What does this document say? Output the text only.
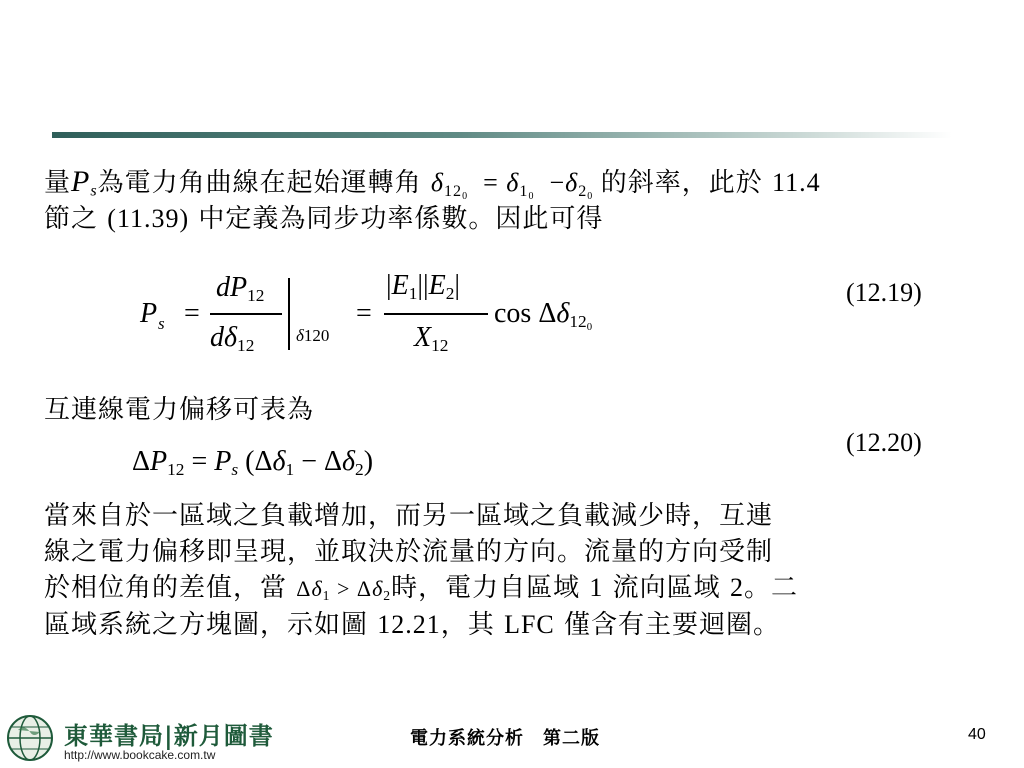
量$P_s$為電力角曲線在起始運轉角 $\delta_{12_0} = \delta_{1_0} -\delta_{2_0}$ 的斜率，此於 11.4
節之 (11.39) 中定義為同步功率係數。因此可得
P s =
$dP_{12}$
$d\delta_{12}$
δ120
=
$|E_1||E_2|$
$X_{12}$
$\cos \Delta\delta_{12_0}$
(12.19)
互連線電力偏移可表為
$\Delta P_{12} = P_s$ $(\Delta\delta_1 - \Delta\delta_2)$
(12.20)
當來自於一區域之負載增加，而另一區域之負載減少時，互連
線之電力偏移即呈現，並取決於流量的方向。流量的方向受制
於相位角的差值，當 $\Delta\delta_1 > \Delta\delta_2$時，電力自區域 1 流向區域 2。二
區域系統之方塊圖，示如圖 12.21，其 LFC 僅含有主要迴圈。
東華書局|新月圖書
http://www.bookcake.com.tw
電力系統分析　第二版	40
